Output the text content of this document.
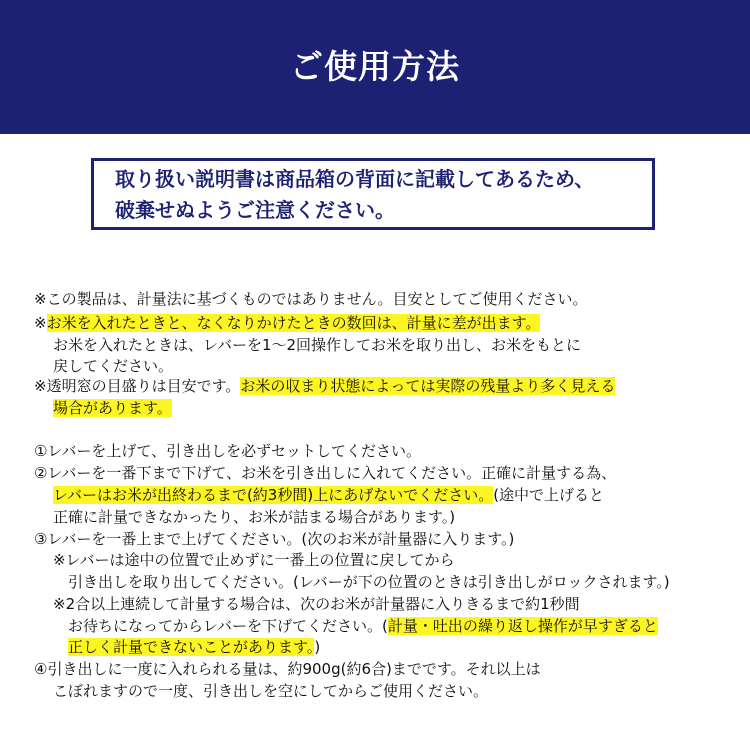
ご使用方法
取り扱い説明書は商品箱の背面に記載してあるため、
破棄せぬようご注意ください。
※この製品は、計量法に基づくものではありません。目安としてご使用ください。
※お米を入れたときと、なくなりかけたときの数回は、計量に差が出ます。
お米を入れたときは、レバーを1～2回操作してお米を取り出し、お米をもとに
戻してください。
※透明窓の目盛りは目安です。お米の収まり状態によっては実際の残量より多く見える
場合があります。
①レバーを上げて、引き出しを必ずセットしてください。
②レバーを一番下まで下げて、お米を引き出しに入れてください。正確に計量する為、
レバーはお米が出終わるまで(約3秒間)上にあげないでください。(途中で上げると
正確に計量できなかったり、お米が詰まる場合があります。)
③レバーを一番上まで上げてください。(次のお米が計量器に入ります。)
※レバーは途中の位置で止めずに一番上の位置に戻してから
引き出しを取り出してください。(レバーが下の位置のときは引き出しがロックされます。)
※2合以上連続して計量する場合は、次のお米が計量器に入りきるまで約1秒間
お待ちになってからレバーを下げてください。(計量・吐出の繰り返し操作が早すぎると
正しく計量できないことがあります。)
④引き出しに一度に入れられる量は、約900g(約6合)までです。それ以上は
こぼれますので一度、引き出しを空にしてからご使用ください。
